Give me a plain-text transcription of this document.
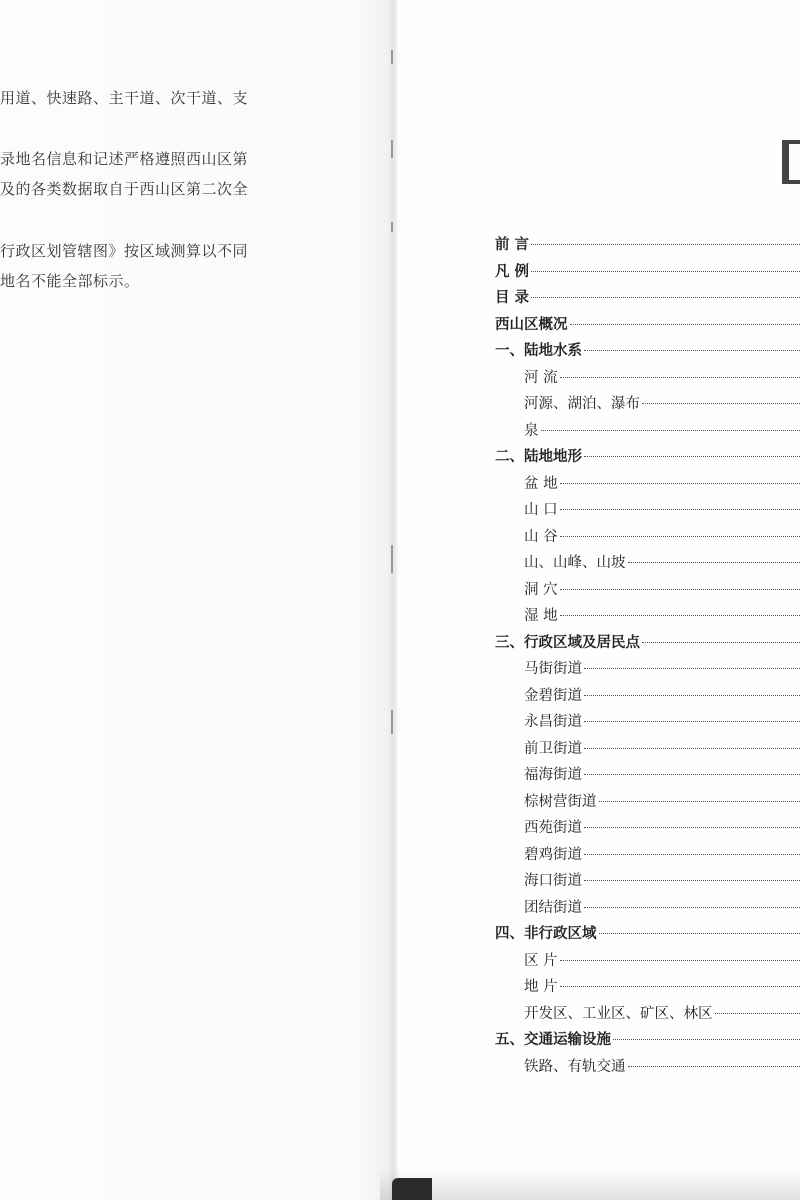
用道、快速路、主干道、次干道、支
录地名信息和记述严格遵照西山区第
及的各类数据取自于西山区第二次全
行政区划管辖图》按区域测算以不同
地名不能全部标示。
前 言
凡 例
目 录
西山区概况
一、陆地水系
河 流
河源、湖泊、瀑布
泉
二、陆地地形
盆 地
山 口
山 谷
山、山峰、山坡
洞 穴
湿 地
三、行政区域及居民点
马街街道
金碧街道
永昌街道
前卫街道
福海街道
棕树营街道
西苑街道
碧鸡街道
海口街道
团结街道
四、非行政区域
区 片
地 片
开发区、工业区、矿区、林区
五、交通运输设施
铁路、有轨交通
